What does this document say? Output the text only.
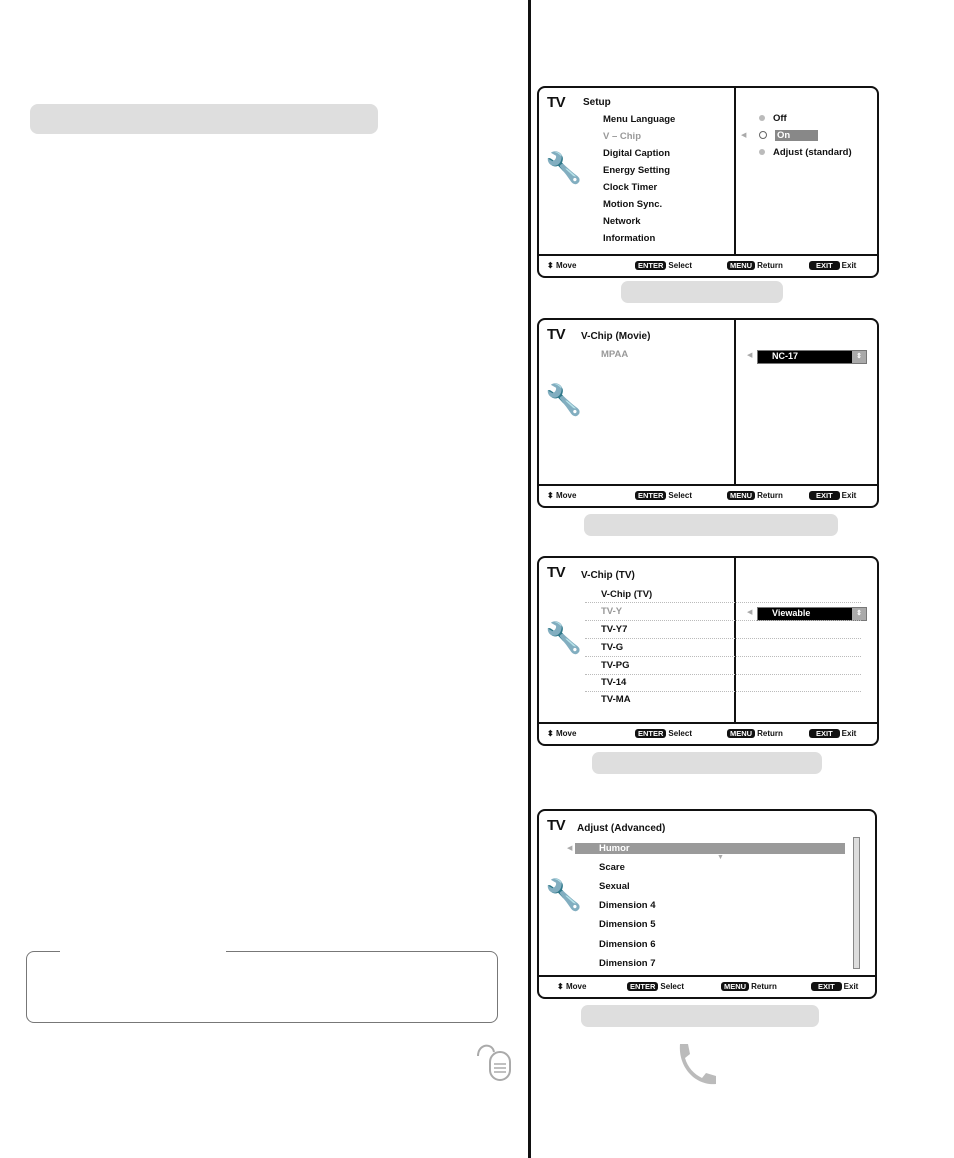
TV Setup
🔧
Menu Language
V – Chip
Digital Caption
Energy Setting
Clock Timer
Motion Sync.
Network
Information
Off
◀	On
Adjust (standard)
⬍ Move	ENTER Select	MENU Return	EXIT Exit
TV V-Chip (Movie)
🔧
MPAA	◀ NC-17	⇕
⬍ Move	ENTER Select	MENU Return	EXIT Exit
TV V-Chip (TV)
🔧
V-Chip (TV)
TV-Y	◀ Viewable	⇕
TV-Y7
TV-G
TV-PG
TV-14
TV-MA
⬍ Move	ENTER Select	MENU Return	EXIT Exit
TV Adjust (Advanced)
🔧
◀	Humor
▼
Scare
Sexual
Dimension 4
Dimension 5
Dimension 6
Dimension 7
⬍ Move	ENTER Select	MENU Return	EXIT Exit
